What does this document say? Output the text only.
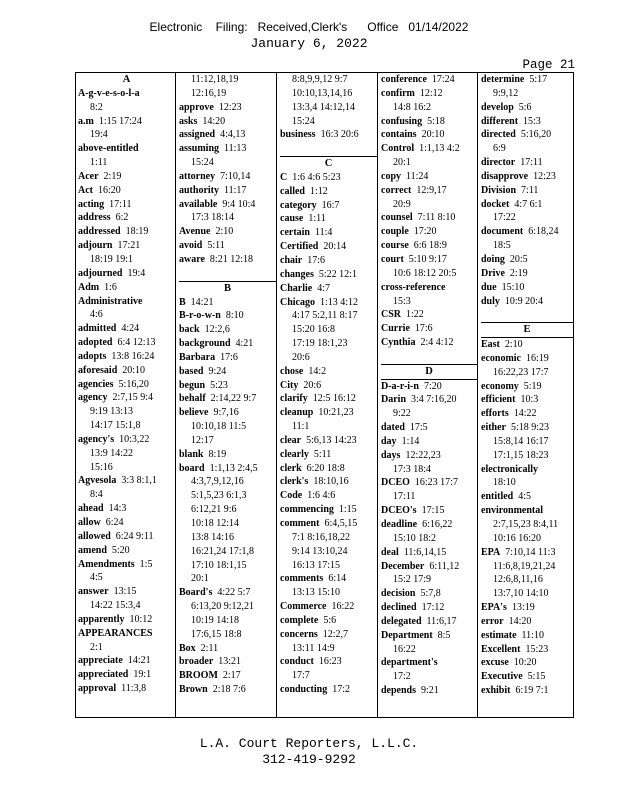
Electronic    Filing:   Received,Clerk's      Office   01/14/2022
January 6, 2022
Page 21
A
A-g-v-e-s-o-l-a
8:2
a.m 1:15 17:24
19:4
above-entitled
1:11
Acer 2:19
Act 16:20
acting 17:11
address 6:2
addressed 18:19
adjourn 17:21
18:19 19:1
adjourned 19:4
Adm 1:6
Administrative
4:6
admitted 4:24
adopted 6:4 12:13
adopts 13:8 16:24
aforesaid 20:10
agencies 5:16,20
agency 2:7,15 9:4
9:19 13:13
14:17 15:1,8
agency's 10:3,22
13:9 14:22
15:16
Agvesola 3:3 8:1,1
8:4
ahead 14:3
allow 6:24
allowed 6:24 9:11
amend 5:20
Amendments 1:5
4:5
answer 13:15
14:22 15:3,4
apparently 10:12
APPEARANCES
2:1
appreciate 14:21
appreciated 19:1
approval 11:3,8
11:12,18,19
12:16,19
approve 12:23
asks 14:20
assigned 4:4,13
assuming 11:13
15:24
attorney 7:10,14
authority 11:17
available 9:4 10:4
17:3 18:14
Avenue 2:10
avoid 5:11
aware 8:21 12:18

B
B 14:21
B-r-o-w-n 8:10
back 12:2,6
background 4:21
Barbara 17:6
based 9:24
begun 5:23
behalf 2:14,22 9:7
believe 9:7,16
10:10,18 11:5
12:17
blank 8:19
board 1:1,13 2:4,5
4:3,7,9,12,16
5:1,5,23 6:1,3
6:12,21 9:6
10:18 12:14
13:8 14:16
16:21,24 17:1,8
17:10 18:1,15
20:1
Board's 4:22 5:7
6:13,20 9:12,21
10:19 14:18
17:6,15 18:8
Box 2:11
broader 13:21
BROOM 2:17
Brown 2:18 7:6
8:8,9,9,12 9:7
10:10,13,14,16
13:3,4 14:12,14
15:24
business 16:3 20:6

C
C 1:6 4:6 5:23
called 1:12
category 16:7
cause 1:11
certain 11:4
Certified 20:14
chair 17:6
changes 5:22 12:1
Charlie 4:7
Chicago 1:13 4:12
4:17 5:2,11 8:17
15:20 16:8
17:19 18:1,23
20:6
chose 14:2
City 20:6
clarify 12:5 16:12
cleanup 10:21,23
11:1
clear 5:6,13 14:23
clearly 5:11
clerk 6:20 18:8
clerk's 18:10,16
Code 1:6 4:6
commencing 1:15
comment 6:4,5,15
7:1 8:16,18,22
9:14 13:10,24
16:13 17:15
comments 6:14
13:13 15:10
Commerce 16:22
complete 5:6
concerns 12:2,7
13:11 14:9
conduct 16:23
17:7
conducting 17:2
conference 17:24
confirm 12:12
14:8 16:2
confusing 5:18
contains 20:10
Control 1:1,13 4:2
20:1
copy 11:24
correct 12:9,17
20:9
counsel 7:11 8:10
couple 17:20
course 6:6 18:9
court 5:10 9:17
10:6 18:12 20:5
cross-reference
15:3
CSR 1:22
Currie 17:6
Cynthia 2:4 4:12

D
D-a-r-i-n 7:20
Darin 3:4 7:16,20
9:22
dated 17:5
day 1:14
days 12:22,23
17:3 18:4
DCEO 16:23 17:7
17:11
DCEO's 17:15
deadline 6:16,22
15:10 18:2
deal 11:6,14,15
December 6:11,12
15:2 17:9
decision 5:7,8
declined 17:12
delegated 11:6,17
Department 8:5
16:22
department's
17:2
depends 9:21
determine 5:17
9:9,12
develop 5:6
different 15:3
directed 5:16,20
6:9
director 17:11
disapprove 12:23
Division 7:11
docket 4:7 6:1
17:22
document 6:18,24
18:5
doing 20:5
Drive 2:19
due 15:10
duly 10:9 20:4

E
East 2:10
economic 16:19
16:22,23 17:7
economy 5:19
efficient 10:3
efforts 14:22
either 5:18 9:23
15:8,14 16:17
17:1,15 18:23
electronically
18:10
entitled 4:5
environmental
2:7,15,23 8:4,11
10:16 16:20
EPA 7:10,14 11:3
11:6,8,19,21,24
12:6,8,11,16
13:7,10 14:10
EPA's 13:19
error 14:20
estimate 11:10
Excellent 15:23
excuse 10:20
Executive 5:15
exhibit 6:19 7:1
L.A. Court Reporters, L.L.C.
312-419-9292
